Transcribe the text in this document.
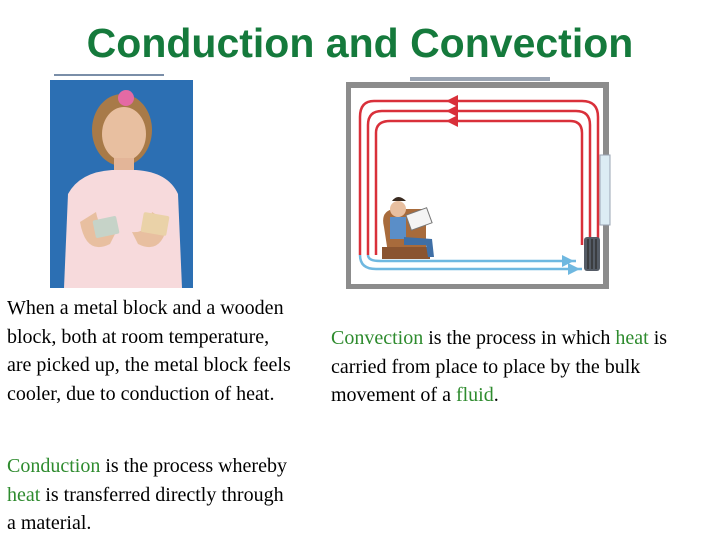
Conduction and Convection

When a metal block and a wooden block, both at room temperature, are picked up, the metal block feels cooler, due to conduction of heat.

Conduction is the process whereby heat is transferred directly through a material.

Convection is the process in which heat is carried from place to place by the bulk movement of a fluid.
